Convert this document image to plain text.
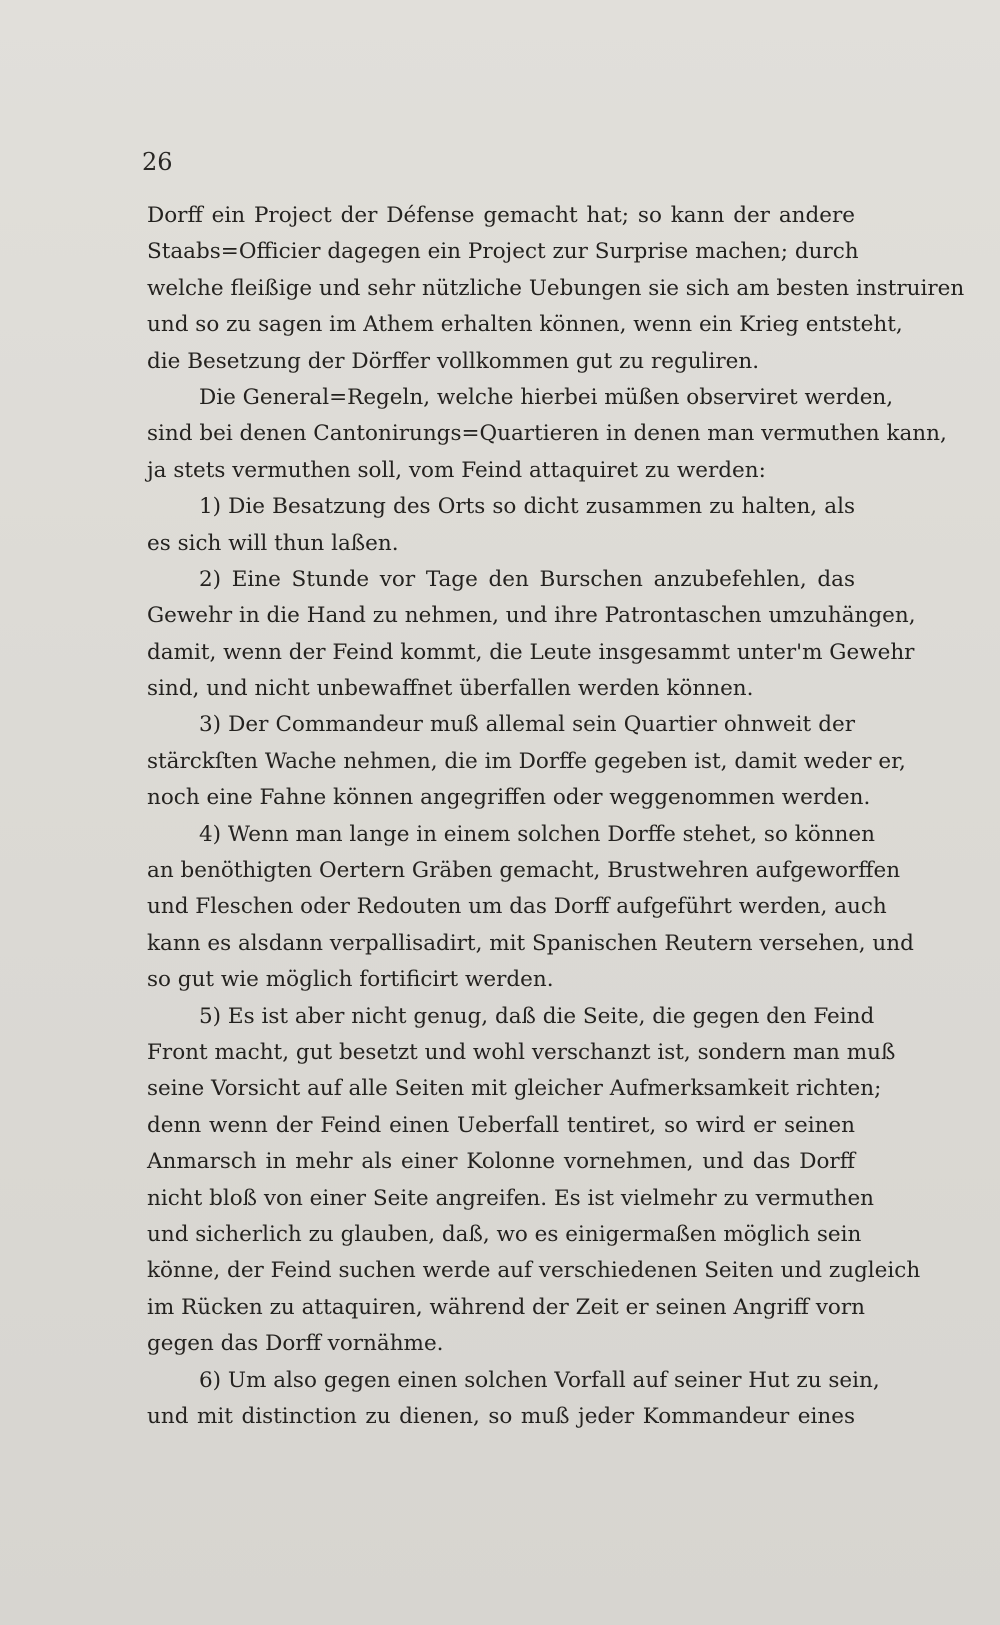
26
Dorff ein Project der Défense gemacht hat; so kann der andere
Staabs=Officier dagegen ein Project zur Surprise machen; durch
welche fleißige und sehr nützliche Uebungen sie sich am besten instruiren
und so zu sagen im Athem erhalten können, wenn ein Krieg entsteht,
die Besetzung der Dörffer vollkommen gut zu reguliren.
Die General=Regeln, welche hierbei müßen observiret werden,
sind bei denen Cantonirungs=Quartieren in denen man vermuthen kann,
ja stets vermuthen soll, vom Feind attaquiret zu werden:
1) Die Besatzung des Orts so dicht zusammen zu halten, als
es sich will thun laßen.
2) Eine Stunde vor Tage den Burschen anzubefehlen, das
Gewehr in die Hand zu nehmen, und ihre Patrontaschen umzuhängen,
damit, wenn der Feind kommt, die Leute insgesammt unter'm Gewehr
sind, und nicht unbewaffnet überfallen werden können.
3) Der Commandeur muß allemal sein Quartier ohnweit der
stärckſten Wache nehmen, die im Dorffe gegeben ist, damit weder er,
noch eine Fahne können angegriffen oder weggenommen werden.
4) Wenn man lange in einem solchen Dorffe stehet, so können
an benöthigten Oertern Gräben gemacht, Brustwehren aufgeworffen
und Fleschen oder Redouten um das Dorff aufgeführt werden, auch
kann es alsdann verpallisadirt, mit Spanischen Reutern versehen, und
so gut wie möglich fortificirt werden.
5) Es ist aber nicht genug, daß die Seite, die gegen den Feind
Front macht, gut besetzt und wohl verschanzt ist, sondern man muß
seine Vorsicht auf alle Seiten mit gleicher Aufmerksamkeit richten;
denn wenn der Feind einen Ueberfall tentiret, so wird er seinen
Anmarsch in mehr als einer Kolonne vornehmen, und das Dorff
nicht bloß von einer Seite angreifen. Es ist vielmehr zu vermuthen
und sicherlich zu glauben, daß, wo es einigermaßen möglich sein
könne, der Feind suchen werde auf verschiedenen Seiten und zugleich
im Rücken zu attaquiren, während der Zeit er seinen Angriff vorn
gegen das Dorff vornähme.
6) Um also gegen einen solchen Vorfall auf seiner Hut zu sein,
und mit distinction zu dienen, so muß jeder Kommandeur eines
